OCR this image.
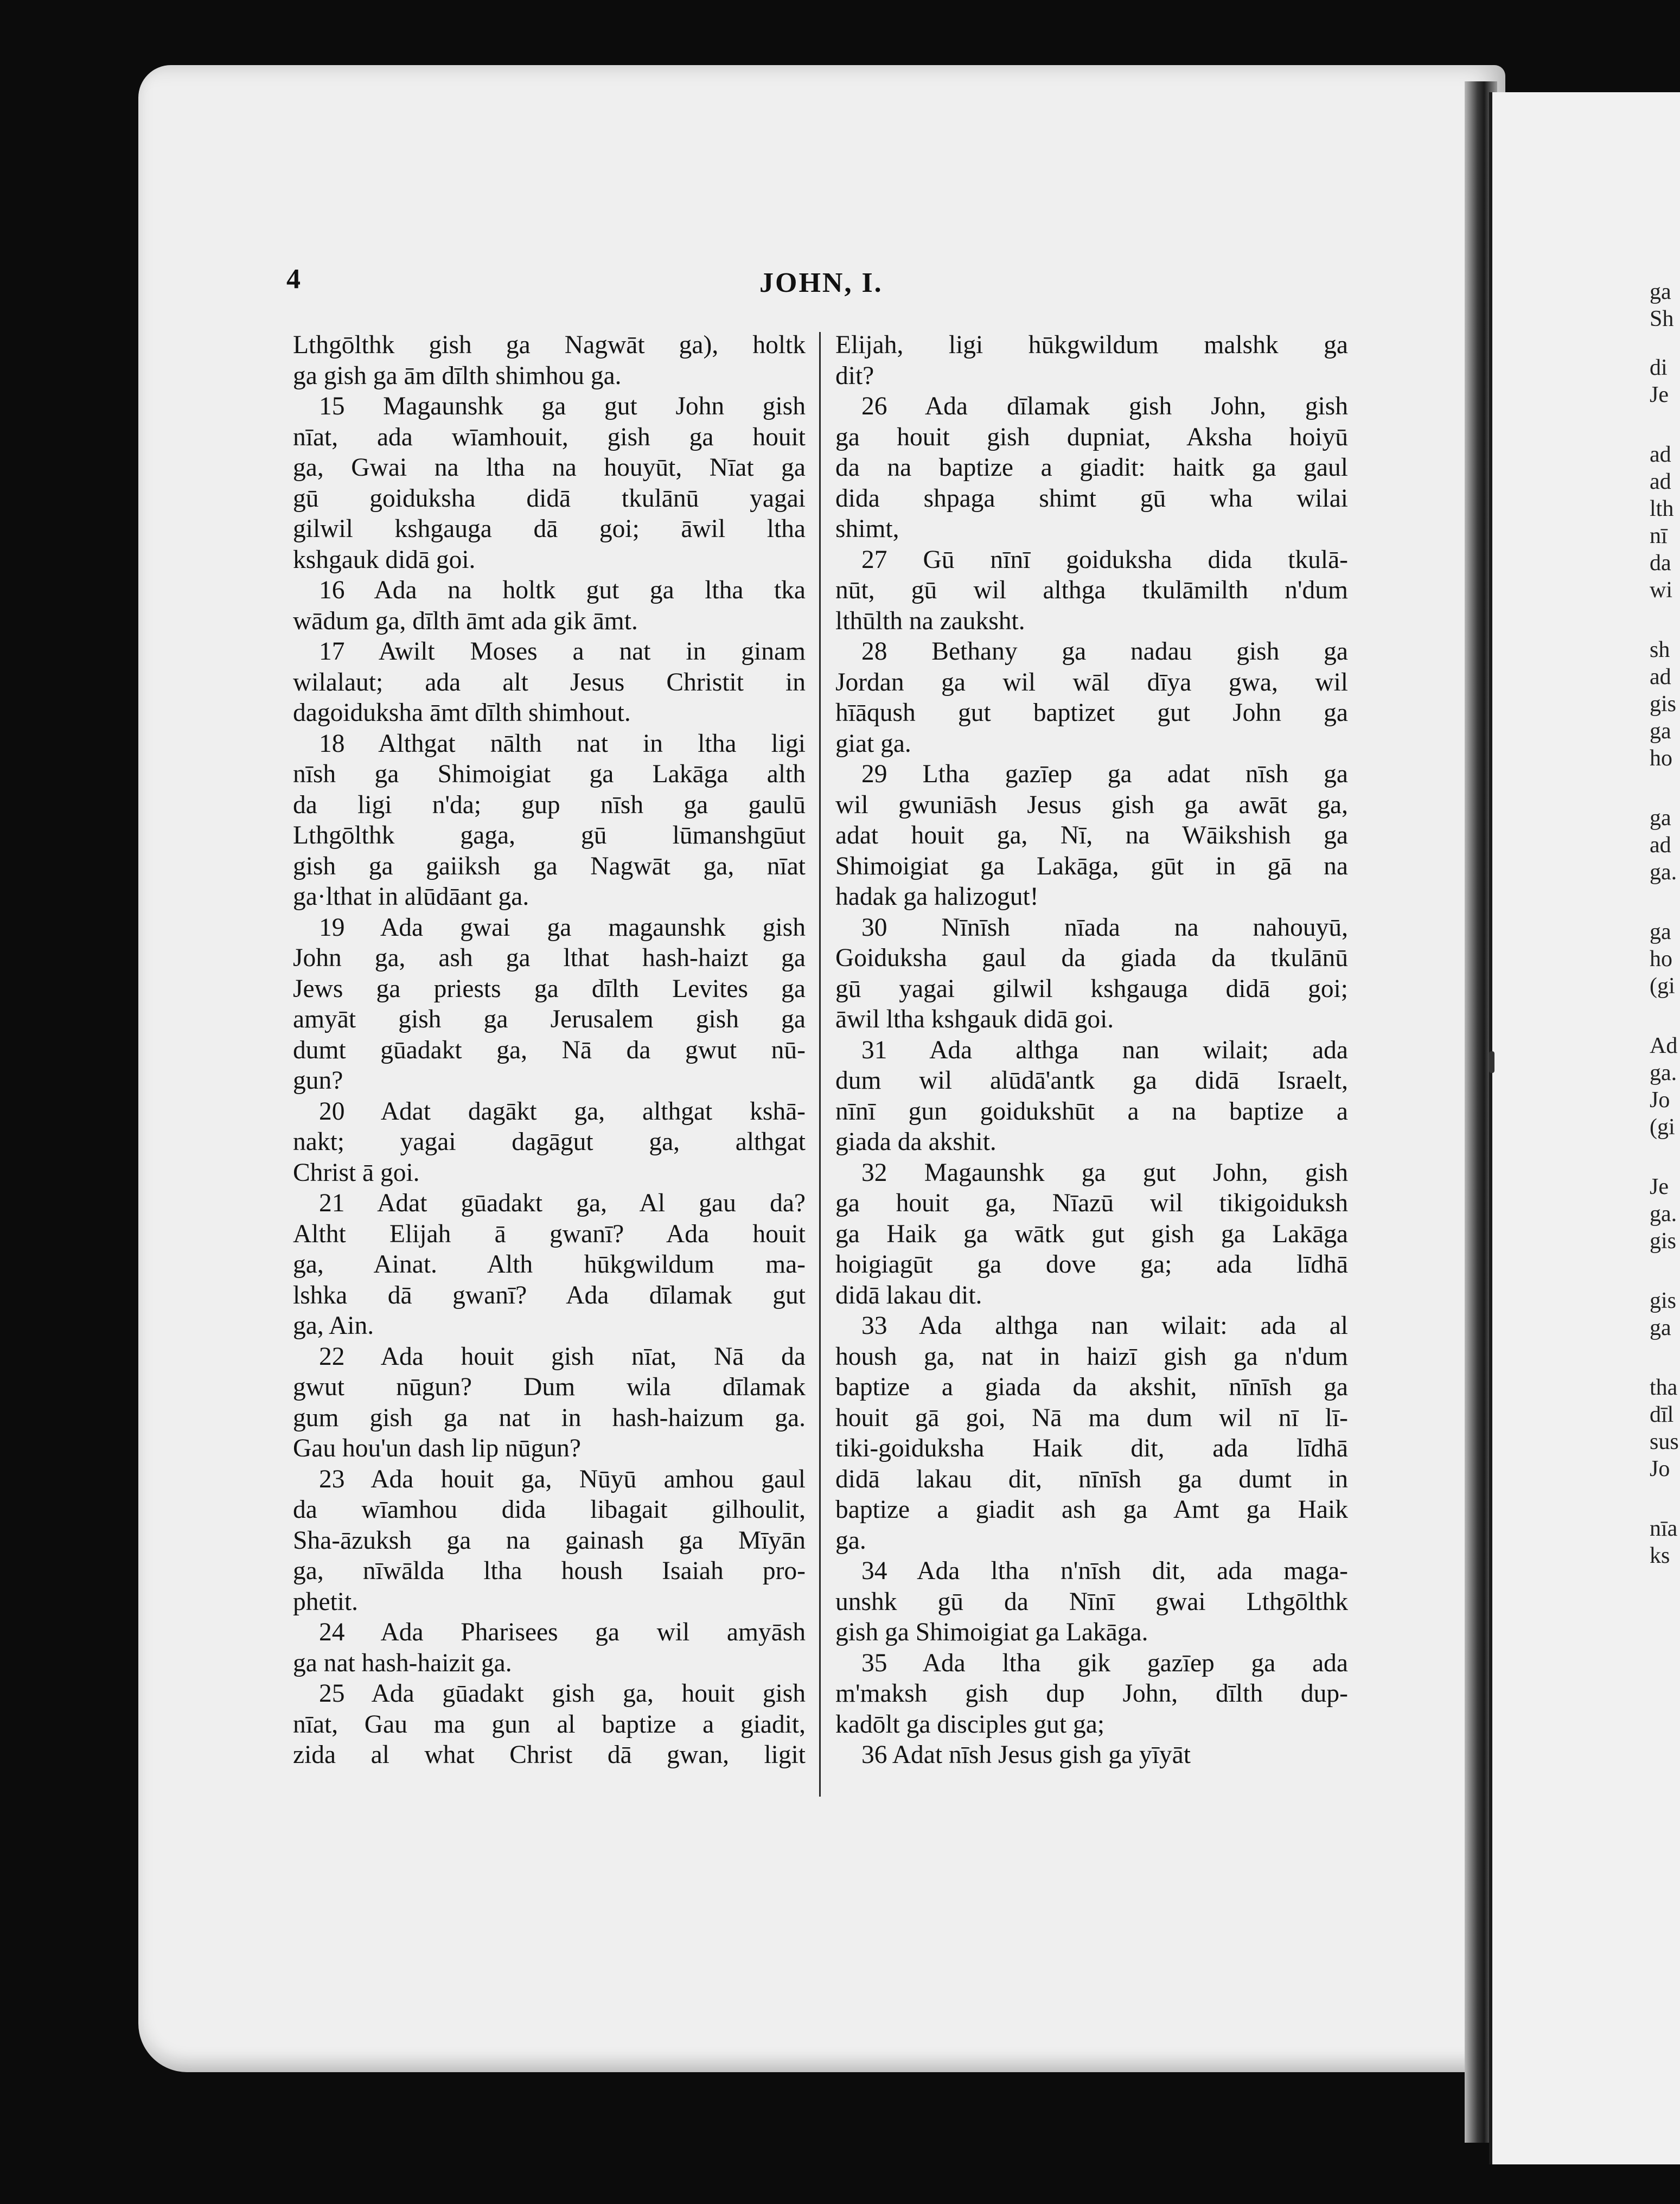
ga
Sh
di
Je
ad
ad
lth
nī
da
wi
sh
ad
gis
ga
ho
ga
ad
ga.
ga
ho
(gi
Ad
ga.
Jo
(gi
Je
ga.
gis
gis
ga
tha
dīl
sus
Jo
nīa
ks
4	JOHN, I.
Lthgōlthk gish ga Nagwāt ga), holtk
ga gish ga ām dīlth shimhou ga.
15 Magaunshk ga gut John gish
nīat, ada wīamhouit, gish ga houit
ga, Gwai na ltha na houyūt, Nīat ga
gū goiduksha didā tkulānū yagai
gilwil kshgauga dā goi; āwil ltha
kshgauk didā goi.
16 Ada na holtk gut ga ltha tka
wādum ga, dīlth āmt ada gik āmt.
17 Awilt Moses a nat in ginam
wilalaut; ada alt Jesus Christit in
dagoiduksha āmt dīlth shimhout.
18 Althgat nālth nat in ltha ligi
nīsh ga Shimoigiat ga Lakāga alth
da ligi n'da; gup nīsh ga gaulū
Lthgōlthk gaga, gū lūmanshgūut
gish ga gaiiksh ga Nagwāt ga, nīat
ga·lthat in alūdāant ga.
19 Ada gwai ga magaunshk gish
John ga, ash ga lthat hash-haizt ga
Jews ga priests ga dīlth Levites ga
amyāt gish ga Jerusalem gish ga
dumt gūadakt ga, Nā da gwut nū-
gun?
20 Adat dagākt ga, althgat kshā-
nakt; yagai dagāgut ga, althgat
Christ ā goi.
21 Adat gūadakt ga, Al gau da?
Altht Elijah ā gwanī? Ada houit
ga, Ainat. Alth hūkgwildum ma-
lshka dā gwanī? Ada dīlamak gut
ga, Ain.
22 Ada houit gish nīat, Nā da
gwut nūgun? Dum wila dīlamak
gum gish ga nat in hash-haizum ga.
Gau hou'un dash lip nūgun?
23 Ada houit ga, Nūyū amhou gaul
da wīamhou dida libagait gilhoulit,
Sha-āzuksh ga na gainash ga Mīyān
ga, nīwālda ltha housh Isaiah pro-
phetit.
24 Ada Pharisees ga wil amyāsh
ga nat hash-haizit ga.
25 Ada gūadakt gish ga, houit gish
nīat, Gau ma gun al baptize a giadit,
zida al what Christ dā gwan, ligit
Elijah, ligi hūkgwildum malshk ga
dit?
26 Ada dīlamak gish John, gish
ga houit gish dupniat, Aksha hoiyū
da na baptize a giadit: haitk ga gaul
dida shpaga shimt gū wha wilai
shimt,
27 Gū nīnī goiduksha dida tkulā-
nūt, gū wil althga tkulāmilth n'dum
lthūlth na zauksht.
28 Bethany ga nadau gish ga
Jordan ga wil wāl dīya gwa, wil
hīāqush gut baptizet gut John ga
giat ga.
29 Ltha gazīep ga adat nīsh ga
wil gwuniāsh Jesus gish ga awāt ga,
adat houit ga, Nī, na Wāikshish ga
Shimoigiat ga Lakāga, gūt in gā na
hadak ga halizogut!
30 Nīnīsh nīada na nahouyū,
Goiduksha gaul da giada da tkulānū
gū yagai gilwil kshgauga didā goi;
āwil ltha kshgauk didā goi.
31 Ada althga nan wilait; ada
dum wil alūdā'antk ga didā Israelt,
nīnī gun goidukshūt a na baptize a
giada da akshit.
32 Magaunshk ga gut John, gish
ga houit ga, Nīazū wil tikigoiduksh
ga Haik ga wātk gut gish ga Lakāga
hoigiagūt ga dove ga; ada līdhā
didā lakau dit.
33 Ada althga nan wilait: ada al
housh ga, nat in haizī gish ga n'dum
baptize a giada da akshit, nīnīsh ga
houit gā goi, Nā ma dum wil nī lī-
tiki-goiduksha Haik dit, ada līdhā
didā lakau dit, nīnīsh ga dumt in
baptize a giadit ash ga Amt ga Haik
ga.
34 Ada ltha n'nīsh dit, ada maga-
unshk gū da Nīnī gwai Lthgōlthk
gish ga Shimoigiat ga Lakāga.
35 Ada ltha gik gazīep ga ada
m'maksh gish dup John, dīlth dup-
kadōlt ga disciples gut ga;
36 Adat nīsh Jesus gish ga yīyāt
